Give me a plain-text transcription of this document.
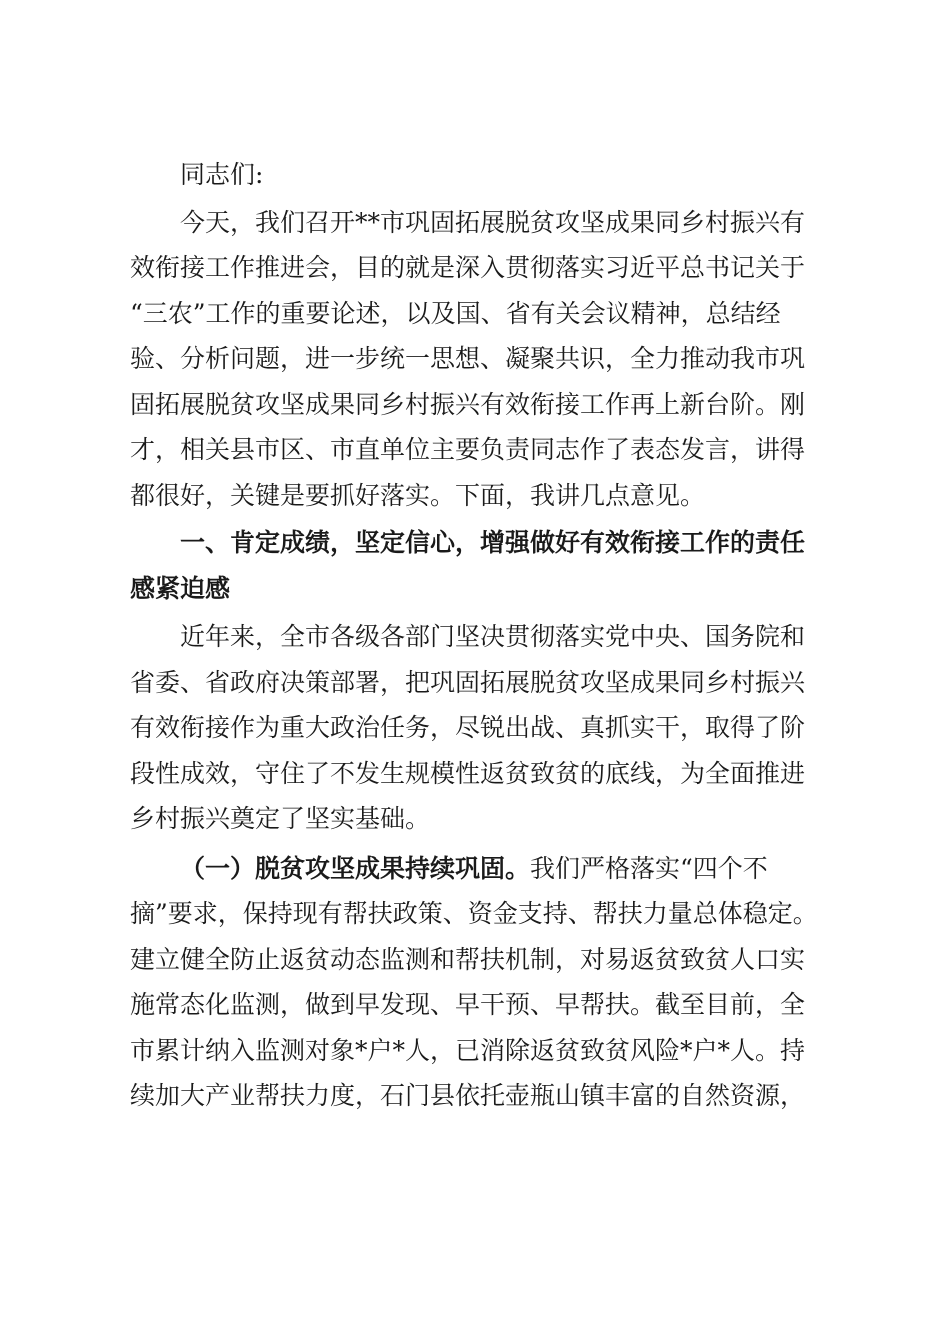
同志们:

今天，我们召开**市巩固拓展脱贫攻坚成果同乡村振兴有
效衔接工作推进会，目的就是深入贯彻落实习近平总书记关于
“三农”工作的重要论述，以及国、省有关会议精神，总结经
验、分析问题，进一步统一思想、凝聚共识，全力推动我市巩
固拓展脱贫攻坚成果同乡村振兴有效衔接工作再上新台阶。刚
才，相关县市区、市直单位主要负责同志作了表态发言，讲得
都很好，关键是要抓好落实。下面，我讲几点意见。

一、肯定成绩，坚定信心，增强做好有效衔接工作的责任
感紧迫感

近年来，全市各级各部门坚决贯彻落实党中央、国务院和
省委、省政府决策部署，把巩固拓展脱贫攻坚成果同乡村振兴
有效衔接作为重大政治任务，尽锐出战、真抓实干，取得了阶
段性成效，守住了不发生规模性返贫致贫的底线，为全面推进
乡村振兴奠定了坚实基础。

（一）脱贫攻坚成果持续巩固。我们严格落实“四个不
摘”要求，保持现有帮扶政策、资金支持、帮扶力量总体稳定。
建立健全防止返贫动态监测和帮扶机制，对易返贫致贫人口实
施常态化监测，做到早发现、早干预、早帮扶。截至目前，全
市累计纳入监测对象*户*人，已消除返贫致贫风险*户*人。持
续加大产业帮扶力度，石门县依托壶瓶山镇丰富的自然资源，
